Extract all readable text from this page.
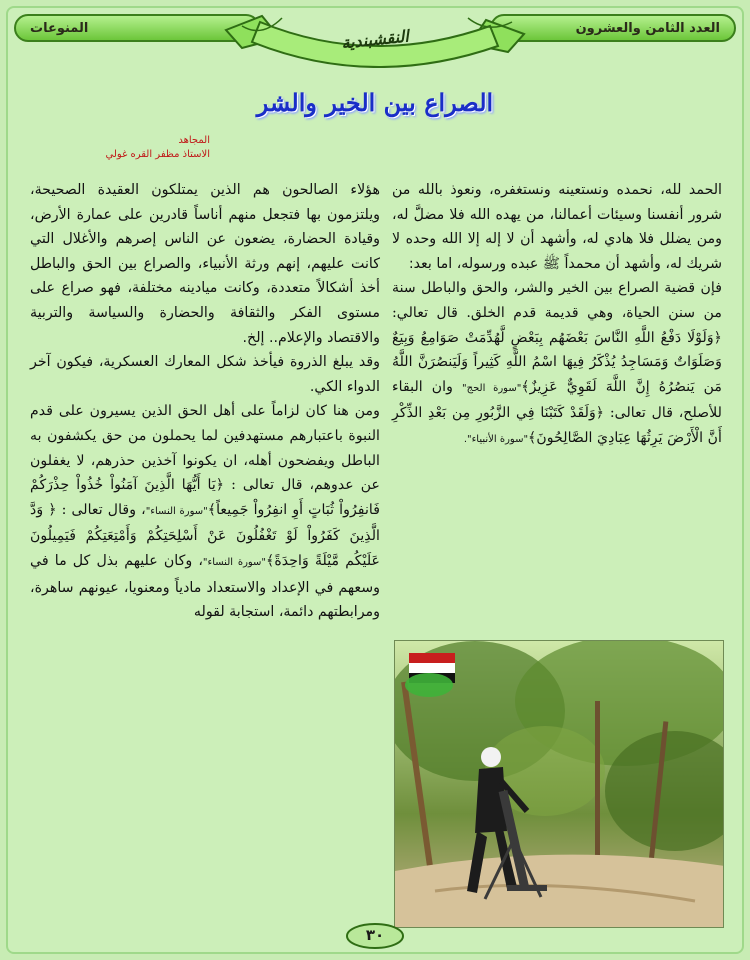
العدد الثامن والعشرون
المنوعات	النقشبندية
الصراع بين الخير والشر
المجاهد
الاستاذ مظفر القره غولي

الحمد لله، نحمده ونستعينه ونستغفره، ونعوذ بالله من شرور أنفسنا وسيئات أعمالنا، من يهده الله فلا مضلَّ له، ومن يضلل فلا هادي له، وأشهد أن لا إله إلا الله وحده لا شريك له، وأشهد أن محمداً ﷺ عبده ورسوله، اما بعد:

فإن قضية الصراع بين الخير والشر، والحق والباطل سنة من سنن الحياة، وهي قديمة قدم الخلق. قال تعالي: ﴿وَلَوْلَا دَفْعُ اللَّهِ النَّاسَ بَعْضَهُم بِبَعْضٍ لَّهُدِّمَتْ صَوَامِعُ وَبِيَعٌ وَصَلَوَاتٌ وَمَسَاجِدُ يُذْكَرُ فِيهَا اسْمُ اللَّهِ كَثِيراً وَلَيَنصُرَنَّ اللَّهُ مَن يَنصُرُهُ إِنَّ اللَّهَ لَقَوِيٌّ عَزِيزٌ﴾"سورة الحج" وان البقاء للأصلح، قال تعالى: ﴿وَلَقَدْ كَتَبْنَا فِي الزَّبُورِ مِن بَعْدِ الذِّكْرِ أَنَّ الْأَرْضَ يَرِثُهَا عِبَادِيَ الصَّالِحُونَ﴾"سورة الأنبياء".

هؤلاء الصالحون هم الذين يمتلكون العقيدة الصحيحة، ويلتزمون بها فتجعل منهم أناساً قادرين على عمارة الأرض، وقيادة الحضارة، يضعون عن الناس إصرهم والأغلال التي كانت عليهم، إنهم ورثة الأنبياء، والصراع بين الحق والباطل أخذ أشكالاً متعددة، وكانت ميادينه مختلفة، فهو صراع على مستوى الفكر والثقافة والحضارة والسياسة والتربية والاقتصاد والإعلام.. إلخ.

وقد يبلغ الذروة فيأخذ شكل المعارك العسكرية، فيكون آخر الدواء الكي.

ومن هنا كان لزاماً على أهل الحق الذين يسيرون على قدم النبوة باعتبارهم مستهدفين لما يحملون من حق يكشفون به الباطل ويفضحون أهله، ان يكونوا آخذين حذرهم، لا يغفلون عن عدوهم، قال تعالى : ﴿يَا أَيُّهَا الَّذِينَ آمَنُواْ خُذُواْ حِذْرَكُمْ فَانفِرُواْ ثُبَاتٍ أَوِ انفِرُواْ جَمِيعاً﴾"سورة النساء"، وقال تعالى : ﴿ وَدَّ الَّذِينَ كَفَرُواْ لَوْ تَغْفُلُونَ عَنْ أَسْلِحَتِكُمْ وَأَمْتِعَتِكُمْ فَيَمِيلُونَ عَلَيْكُم مَّيْلَةً وَاحِدَةً﴾"سورة النساء"، وكان عليهم بذل كل ما في وسعهم في الإعداد والاستعداد مادياً ومعنويا، عيونهم ساهرة، ومرابطتهم دائمة، استجابة لقوله

٣٠
